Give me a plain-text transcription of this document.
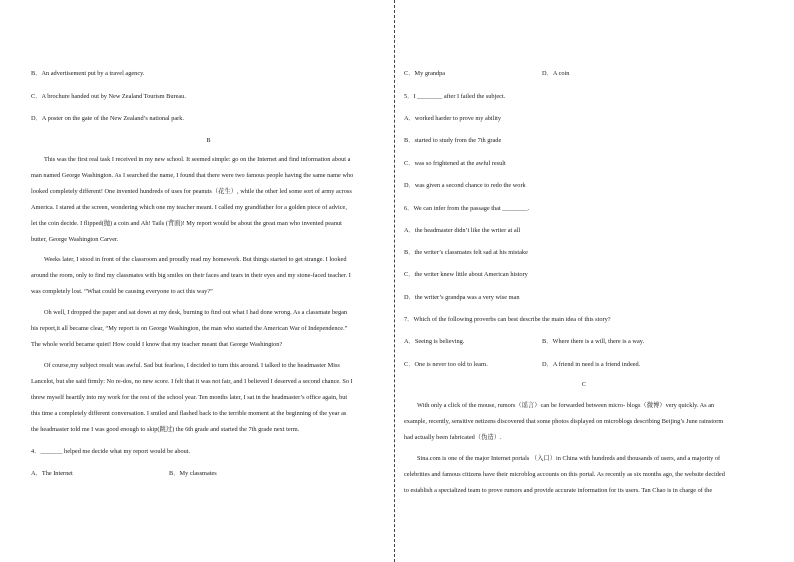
B．An advertisement put by a travel agency.
C．A brochure handed out by New Zealand Tourism Bureau.
D．A poster on the gate of the New Zealand’s national park.
B
This was the first real task I received in my new school. It seemed simple: go on the Internet and find information about a
man named George Washington. As I searched the name, I found that there were two famous people having the same name who
looked completely different! One invented hundreds of uses for peanuts（花生）, while the other led some sort of army across
America. I stared at the screen, wondering which one my teacher meant. I called my grandfather for a golden piece of advice,
let the coin decide. I flipped(抛) a coin and Ah! Tails (背面)! My report would be about the great man who invented peanut
butter, George Washington Carver.
Weeks later, I stood in front of the classroom and proudly read my homework. But things started to get strange. I looked
around the room, only to find my classmates with big smiles on their faces and tears in their eyes and my stone-faced teacher. I
was completely lost. “What could be causing everyone to act this way?”
Oh well, I dropped the paper and sat down at my desk, burning to find out what I had done wrong. As a classmate began
his report,it all became clear, “My report is on George Washington, the man who started the American War of Independence.”
The whole world became quiet! How could I know that my teacher meant that George Washington?
Of course,my subject result was awful. Sad but fearless, I decided to turn this around. I talked to the headmaster Miss
Lancelot, but she said firmly: No re-dos, no new score. I felt that it was not fair, and I believed I deserved a second chance. So I
threw myself heartily into my work for the rest of the school year. Ten months later, I sat in the headmaster’s office again, but
this time a completely different conversation. I smiled and flashed back to the terrible moment at the beginning of the year as
the headmaster told me I was good enough to skip(跳过) the 6th grade and started the 7th grade next term.
4．_______ helped me decide what my report would be about.
A．The Internet	B．My classmates
C．My grandpa	D．A coin
5．I ________ after I failed the subject.
A．worked harder to prove my ability
B．started to study from the 7th grade
C．was so frightened at the awful result
D．was given a second chance to redo the work
6．We can infer from the passage that ________.
A．the headmaster didn’t like the writer at all
B．the writer’s classmates felt sad at his mistake
C．the writer knew little about American history
D．the writer’s grandpa was a very wise man
7．Which of the following proverbs can best describe the main idea of this story?
A．Seeing is believing.	B．Where there is a will, there is a way.
C．One is never too old to learn.	D．A friend in need is a friend indeed.
C
With only a click of the mouse, rumors（谣言）can be forwarded between micro- blogs（微博）very quickly. As an
example, recently, sensitive netizens discovered that some photos displayed on microblogs describing Beijing’s June rainstorm
had actually been fabricated（伪造）.
Sina.com is one of the major Internet portals （入口）in China with hundreds and thousands of users, and a majority of
celebrities and famous citizens have their microblog accounts on this portal. As recently as six months ago, the website decided
to establish a specialized team to prove rumors and provide accurate information for its users. Tan Chao is in charge of the
